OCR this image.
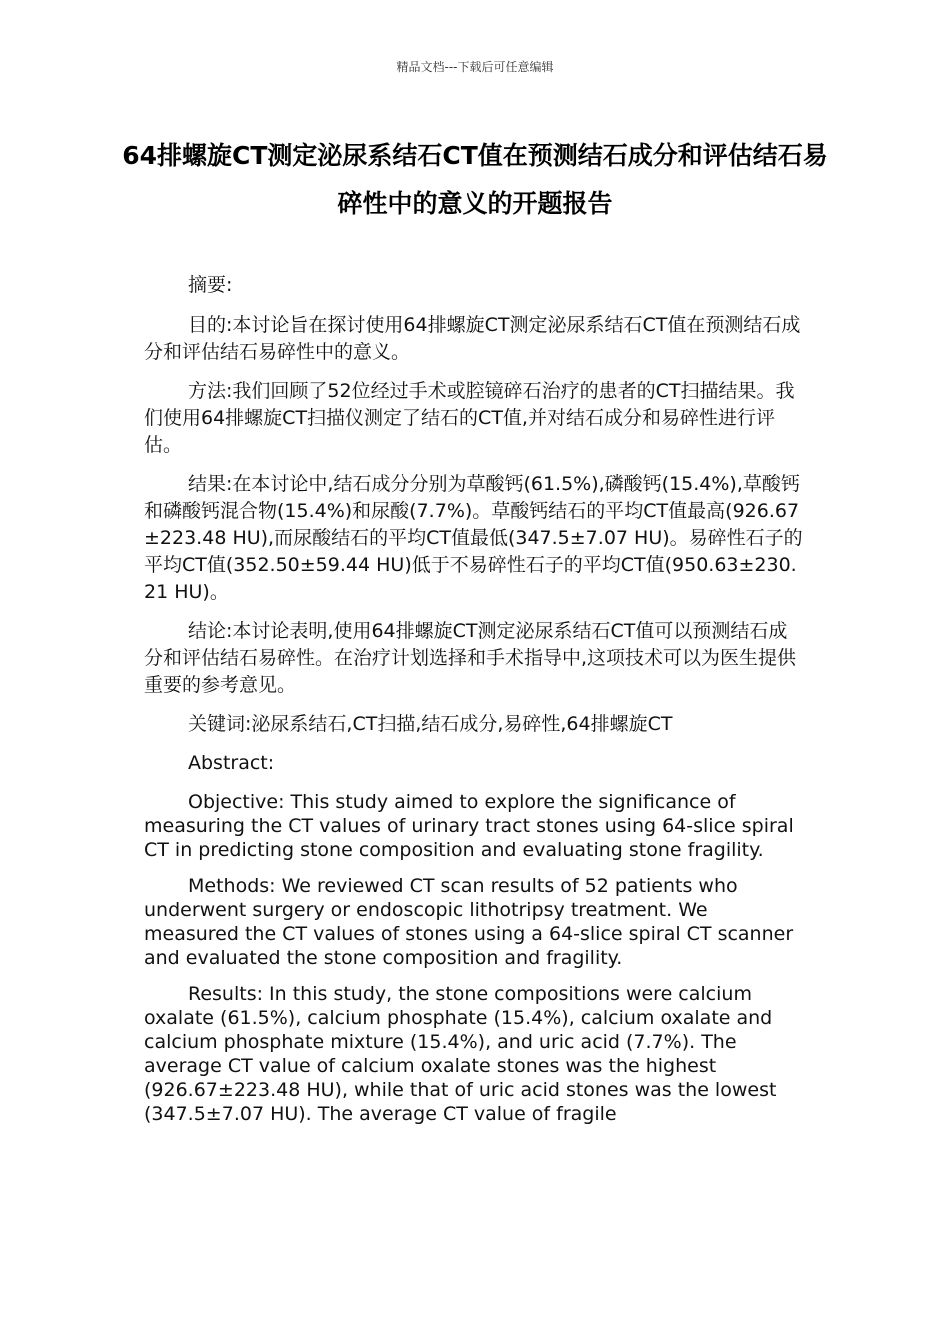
精品文档---下载后可任意编辑
64排螺旋CT测定泌尿系结石CT值在预测结石成分和评估结石易碎性中的意义的开题报告

摘要:

目的:本讨论旨在探讨使用64排螺旋CT测定泌尿系结石CT值在预测结石成分和评估结石易碎性中的意义。

方法:我们回顾了52位经过手术或腔镜碎石治疗的患者的CT扫描结果。我们使用64排螺旋CT扫描仪测定了结石的CT值,并对结石成分和易碎性进行评估。

结果:在本讨论中,结石成分分别为草酸钙(61.5%),磷酸钙(15.4%),草酸钙和磷酸钙混合物(15.4%)和尿酸(7.7%)。草酸钙结石的平均CT值最高(926.67±223.48 HU),而尿酸结石的平均CT值最低(347.5±7.07 HU)。易碎性石子的平均CT值(352.50±59.44 HU)低于不易碎性石子的平均CT值(950.63±230.21 HU)。

结论:本讨论表明,使用64排螺旋CT测定泌尿系结石CT值可以预测结石成分和评估结石易碎性。在治疗计划选择和手术指导中,这项技术可以为医生提供重要的参考意见。

关键词:泌尿系结石,CT扫描,结石成分,易碎性,64排螺旋CT

Abstract:

Objective: This study aimed to explore the significance of measuring the CT values of urinary tract stones using 64-slice spiral CT in predicting stone composition and evaluating stone fragility.

Methods: We reviewed CT scan results of 52 patients who underwent surgery or endoscopic lithotripsy treatment. We measured the CT values of stones using a 64-slice spiral CT scanner and evaluated the stone composition and fragility.

Results: In this study, the stone compositions were calcium oxalate (61.5%), calcium phosphate (15.4%), calcium oxalate and calcium phosphate mixture (15.4%), and uric acid (7.7%). The average CT value of calcium oxalate stones was the highest (926.67±223.48 HU), while that of uric acid stones was the lowest (347.5±7.07 HU). The average CT value of fragile
